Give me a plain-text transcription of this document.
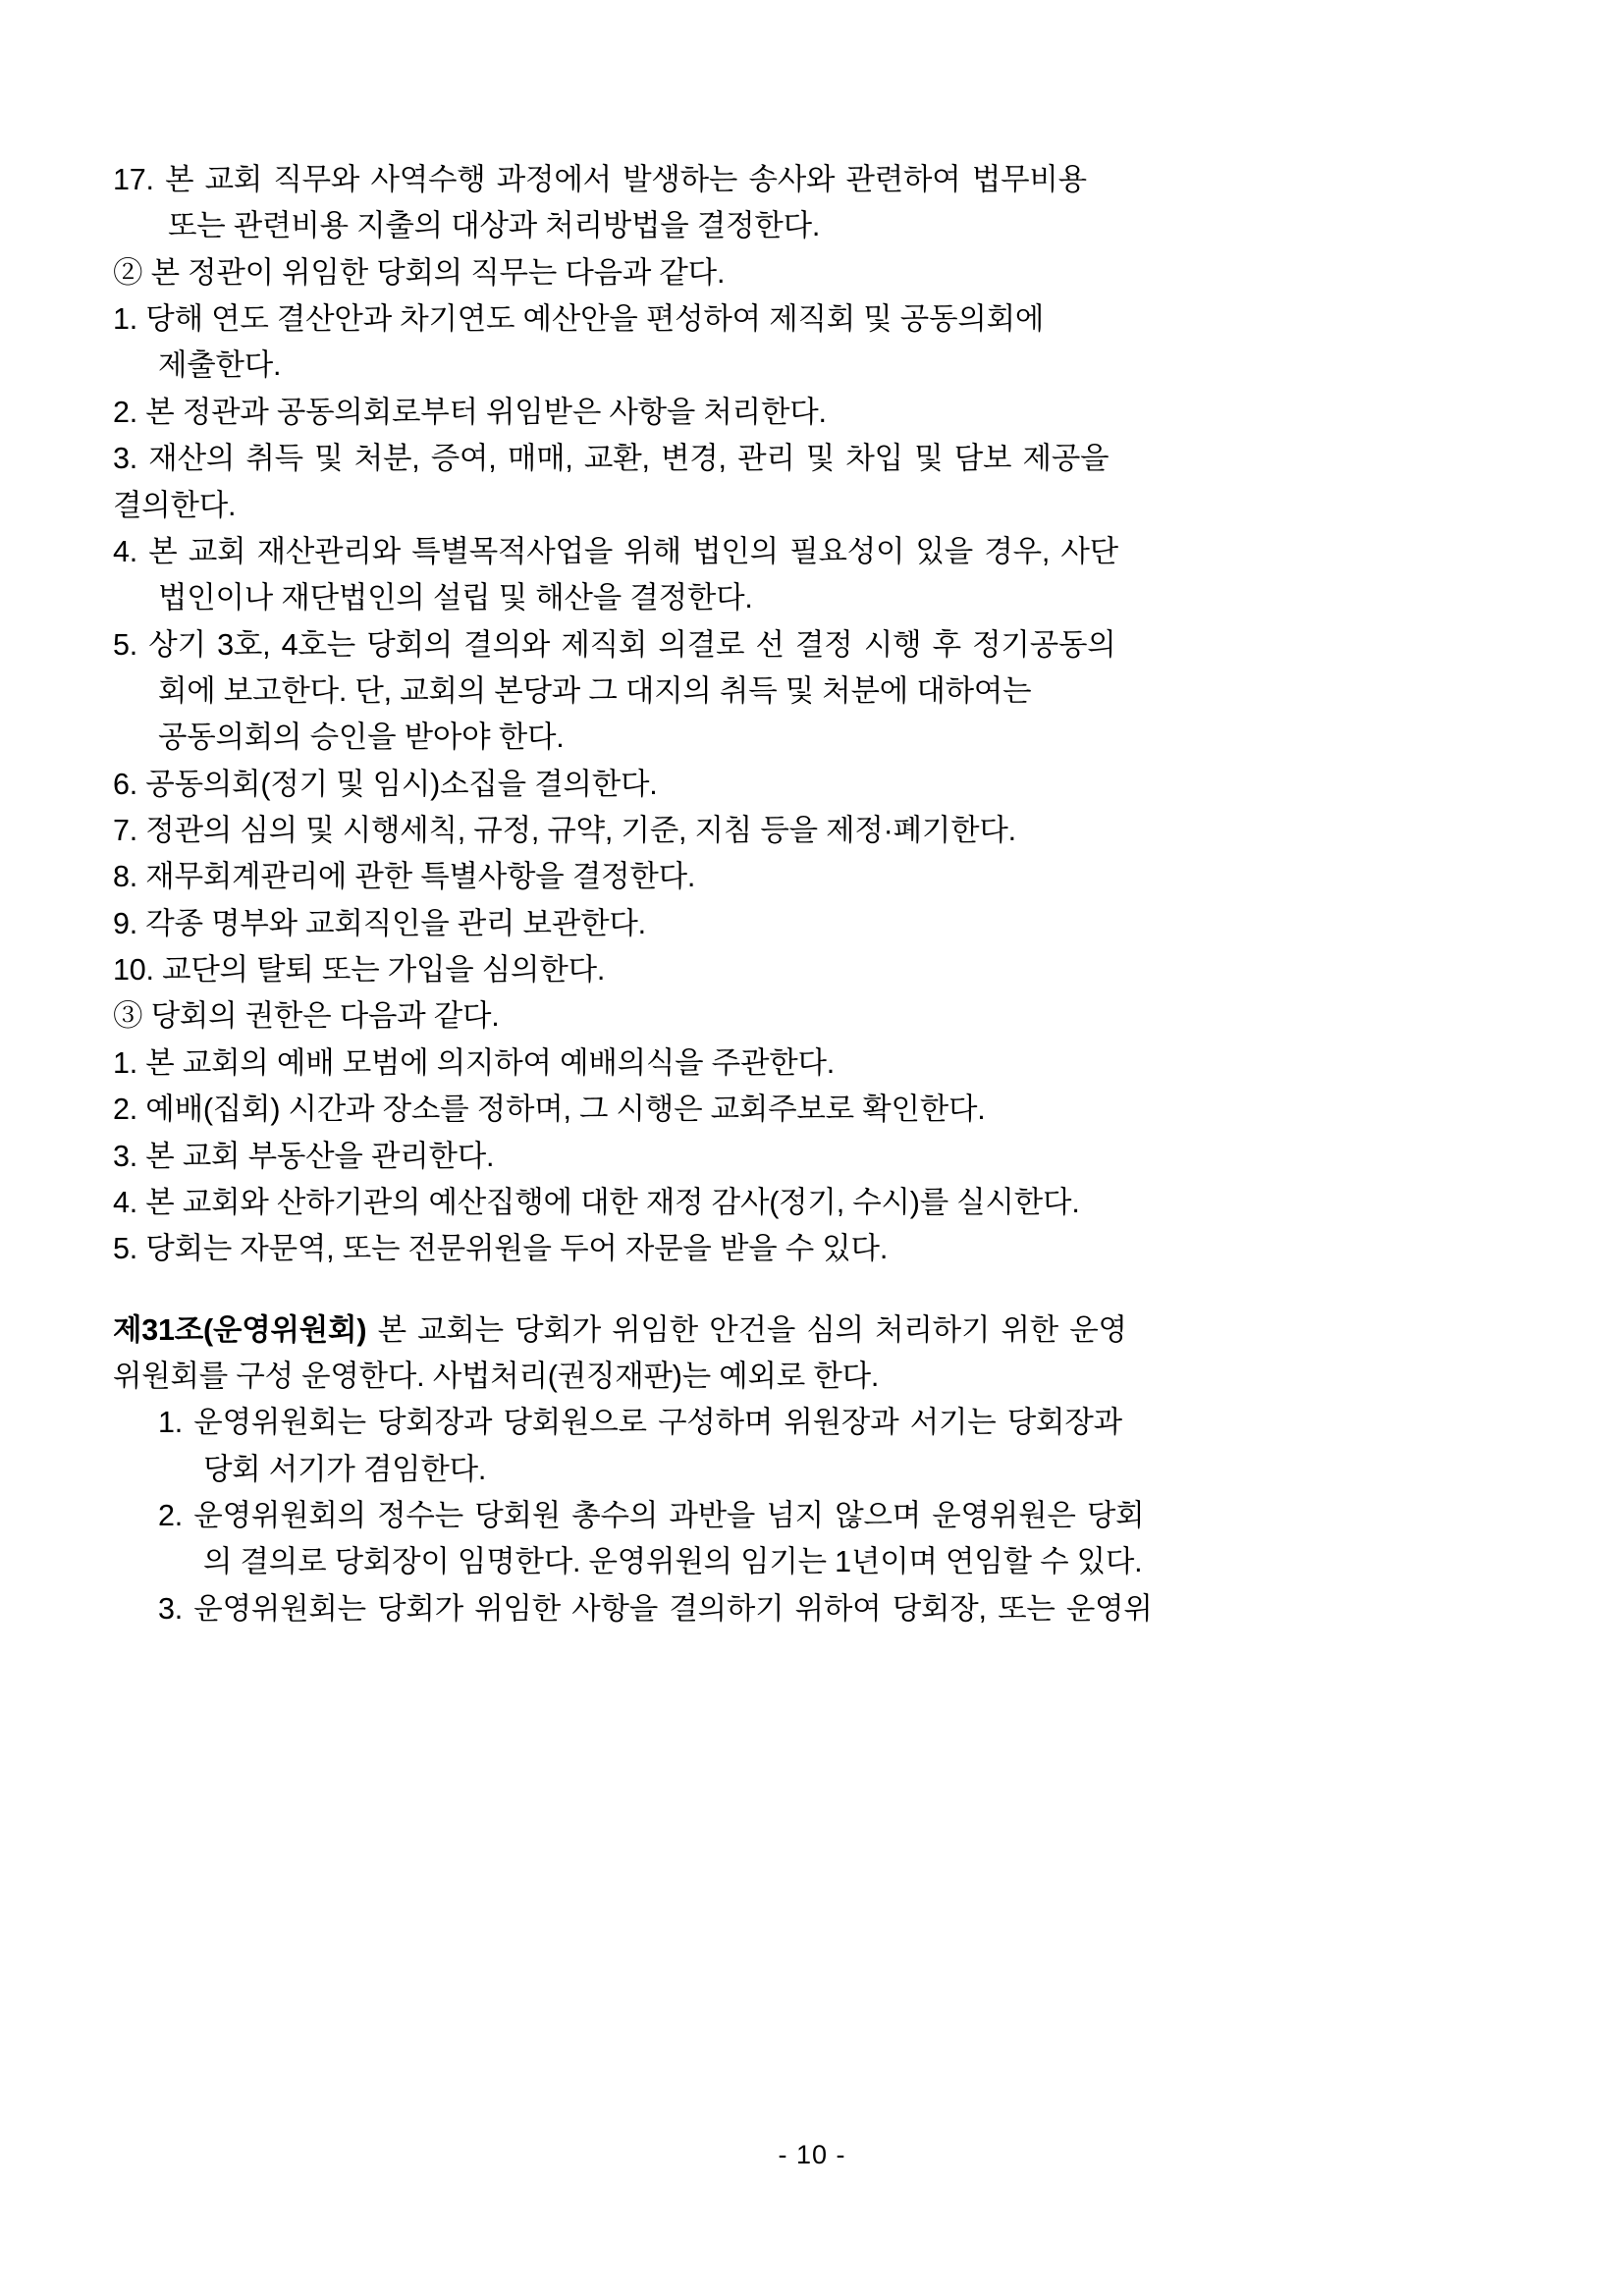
17. 본 교회 직무와 사역수행 과정에서 발생하는 송사와 관련하여 법무비용

또는 관련비용 지출의 대상과 처리방법을 결정한다.

② 본 정관이 위임한 당회의 직무는 다음과 같다.

1. 당해 연도 결산안과 차기연도 예산안을 편성하여 제직회 및 공동의회에

제출한다.

2. 본 정관과 공동의회로부터 위임받은 사항을 처리한다.

3. 재산의 취득 및 처분, 증여, 매매, 교환, 변경, 관리 및 차입 및 담보 제공을

결의한다.

4. 본 교회 재산관리와 특별목적사업을 위해 법인의 필요성이 있을 경우, 사단

법인이나 재단법인의 설립 및 해산을 결정한다.

5. 상기 3호, 4호는 당회의 결의와 제직회 의결로 선 결정 시행 후 정기공동의

회에 보고한다. 단, 교회의 본당과 그 대지의 취득 및 처분에 대하여는

공동의회의 승인을 받아야 한다.

6. 공동의회(정기 및 임시)소집을 결의한다.

7. 정관의 심의 및 시행세칙, 규정, 규약, 기준, 지침 등을 제정·폐기한다.

8. 재무회계관리에 관한 특별사항을 결정한다.

9. 각종 명부와 교회직인을 관리 보관한다.

10. 교단의 탈퇴 또는 가입을 심의한다.

③ 당회의 권한은 다음과 같다.

1. 본 교회의 예배 모범에 의지하여 예배의식을 주관한다.

2. 예배(집회) 시간과 장소를 정하며, 그 시행은 교회주보로 확인한다.

3. 본 교회 부동산을 관리한다.

4. 본 교회와 산하기관의 예산집행에 대한 재정 감사(정기, 수시)를 실시한다.

5. 당회는 자문역, 또는 전문위원을 두어 자문을 받을 수 있다.

제31조(운영위원회) 본 교회는 당회가 위임한 안건을 심의 처리하기 위한 운영

위원회를 구성 운영한다. 사법처리(권징재판)는 예외로 한다.

1. 운영위원회는 당회장과 당회원으로 구성하며 위원장과 서기는 당회장과

당회 서기가 겸임한다.

2. 운영위원회의 정수는 당회원 총수의 과반을 넘지 않으며 운영위원은 당회

의 결의로 당회장이 임명한다. 운영위원의 임기는 1년이며 연임할 수 있다.

3. 운영위원회는 당회가 위임한 사항을 결의하기 위하여 당회장, 또는 운영위

- 10 -
